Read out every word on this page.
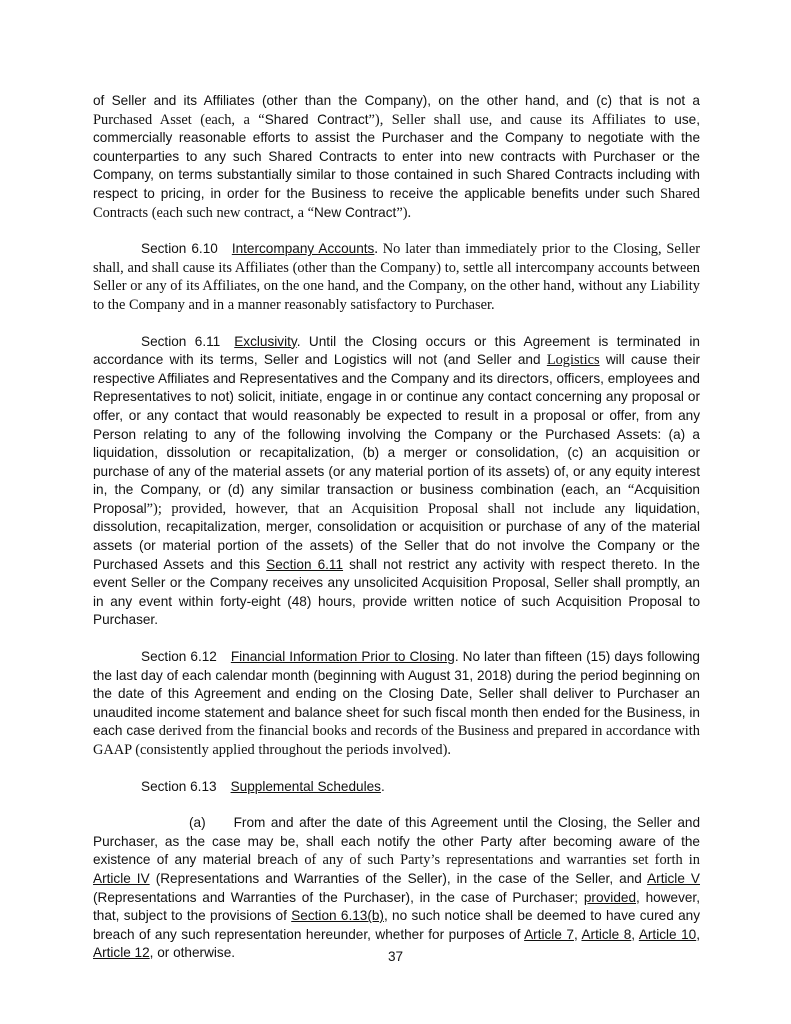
of Seller and its Affiliates (other than the Company), on the other hand, and (c) that is not a Purchased Asset (each, a “Shared Contract”), Seller shall use, and cause its Affiliates to use, commercially reasonable efforts to assist the Purchaser and the Company to negotiate with the counterparties to any such Shared Contracts to enter into new contracts with Purchaser or the Company, on terms substantially similar to those contained in such Shared Contracts including with respect to pricing, in order for the Business to receive the applicable benefits under such Shared Contracts (each such new contract, a “New Contract”).

Section 6.10 Intercompany Accounts. No later than immediately prior to the Closing, Seller shall, and shall cause its Affiliates (other than the Company) to, settle all intercompany accounts between Seller or any of its Affiliates, on the one hand, and the Company, on the other hand, without any Liability to the Company and in a manner reasonably satisfactory to Purchaser.

Section 6.11 Exclusivity. Until the Closing occurs or this Agreement is terminated in accordance with its terms, Seller and Logistics will not (and Seller and Logistics will cause their respective Affiliates and Representatives and the Company and its directors, officers, employees and Representatives to not) solicit, initiate, engage in or continue any contact concerning any proposal or offer, or any contact that would reasonably be expected to result in a proposal or offer, from any Person relating to any of the following involving the Company or the Purchased Assets: (a) a liquidation, dissolution or recapitalization, (b) a merger or consolidation, (c) an acquisition or purchase of any of the material assets (or any material portion of its assets) of, or any equity interest in, the Company, or (d) any similar transaction or business combination (each, an “Acquisition Proposal”); provided, however, that an Acquisition Proposal shall not include any liquidation, dissolution, recapitalization, merger, consolidation or acquisition or purchase of any of the material assets (or material portion of the assets) of the Seller that do not involve the Company or the Purchased Assets and this Section 6.11 shall not restrict any activity with respect thereto. In the event Seller or the Company receives any unsolicited Acquisition Proposal, Seller shall promptly, an in any event within forty-eight (48) hours, provide written notice of such Acquisition Proposal to Purchaser.

Section 6.12 Financial Information Prior to Closing. No later than fifteen (15) days following the last day of each calendar month (beginning with August 31, 2018) during the period beginning on the date of this Agreement and ending on the Closing Date, Seller shall deliver to Purchaser an unaudited income statement and balance sheet for such fiscal month then ended for the Business, in each case derived from the financial books and records of the Business and prepared in accordance with GAAP (consistently applied throughout the periods involved).

Section 6.13 Supplemental Schedules.

(a) From and after the date of this Agreement until the Closing, the Seller and Purchaser, as the case may be, shall each notify the other Party after becoming aware of the existence of any material breach of any of such Party’s representations and warranties set forth in Article IV (Representations and Warranties of the Seller), in the case of the Seller, and Article V (Representations and Warranties of the Purchaser), in the case of Purchaser; provided, however, that, subject to the provisions of Section 6.13(b), no such notice shall be deemed to have cured any breach of any such representation hereunder, whether for purposes of Article 7, Article 8, Article 10, Article 12, or otherwise.	37
